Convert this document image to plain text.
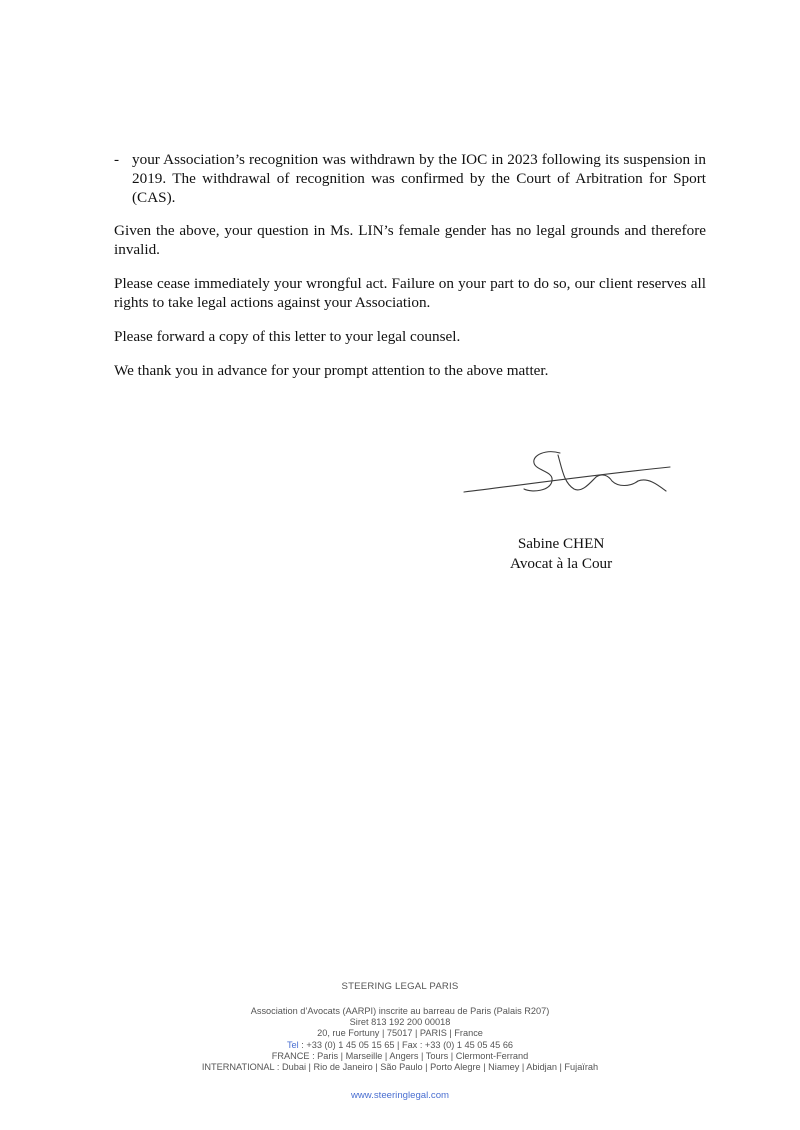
- your Association’s recognition was withdrawn by the IOC in 2023 following its suspension in 2019. The withdrawal of recognition was confirmed by the Court of Arbitration for Sport (CAS).

Given the above, your question in Ms. LIN’s female gender has no legal grounds and therefore invalid.

Please cease immediately your wrongful act. Failure on your part to do so, our client reserves all rights to take legal actions against your Association.

Please forward a copy of this letter to your legal counsel.

We thank you in advance for your prompt attention to the above matter.

Sabine CHEN
Avocat à la Cour
STEERING LEGAL PARIS
Association d’Avocats (AARPI) inscrite au barreau de Paris (Palais R207)
Siret 813 192 200 00018
20, rue Fortuny | 75017 | PARIS | France
Tel : +33 (0) 1 45 05 15 65 | Fax : +33 (0) 1 45 05 45 66
FRANCE : Paris | Marseille | Angers | Tours | Clermont-Ferrand
INTERNATIONAL : Dubai | Rio de Janeiro | São Paulo | Porto Alegre | Niamey | Abidjan | Fujaïrah
www.steeringlegal.com
